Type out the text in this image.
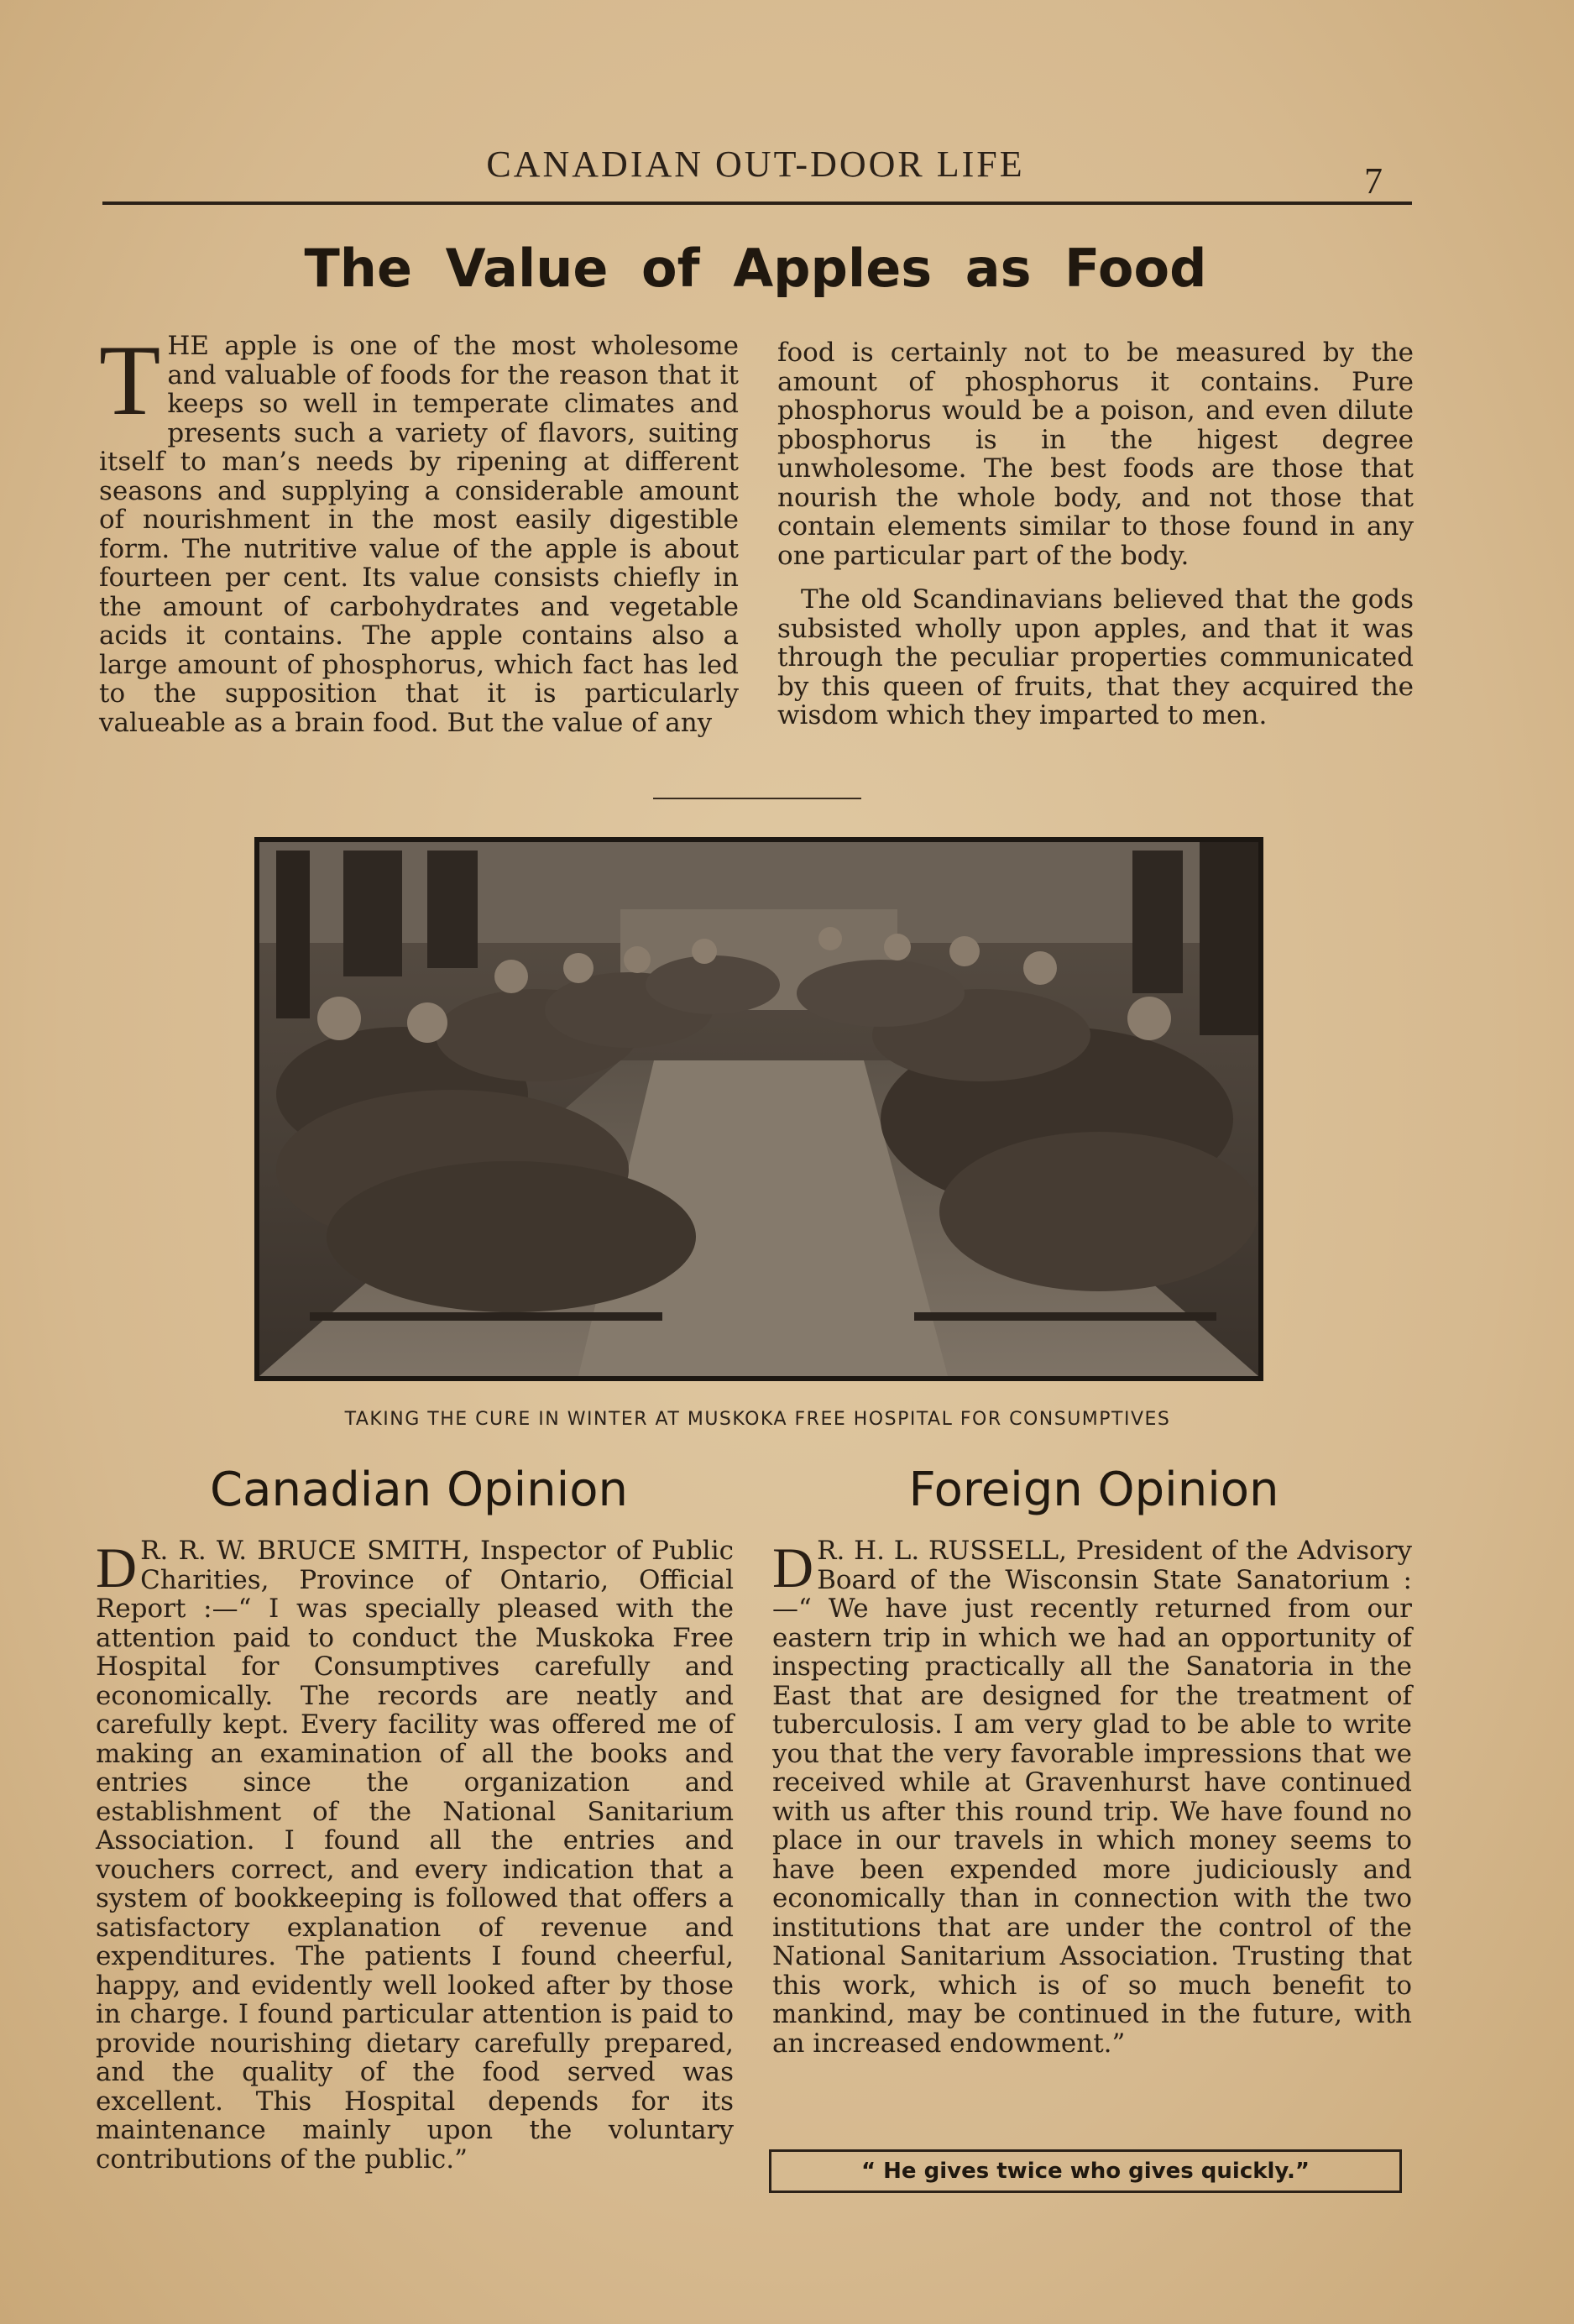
CANADIAN OUT-DOOR LIFE	7
The Value of Apples as Food

THE apple is one of the most wholesome and valuable of foods for the reason that it keeps so well in temperate climates and presents such a variety of flavors, suiting itself to man’s needs by ripening at different seasons and supplying a considerable amount of nourishment in the most easily digestible form. The nutritive value of the apple is about fourteen per cent. Its value consists chiefly in the amount of carbohydrates and vegetable acids it contains. The apple contains also a large amount of phosphorus, which fact has led to the supposition that it is particularly valueable as a brain food. But the value of any

food is certainly not to be measured by the amount of phosphorus it contains. Pure phosphorus would be a poison, and even dilute pbosphorus is in the higest degree unwholesome. The best foods are those that nourish the whole body, and not those that contain elements similar to those found in any one particular part of the body.

The old Scandinavians believed that the gods subsisted wholly upon apples, and that it was through the peculiar properties communicated by this queen of fruits, that they acquired the wisdom which they imparted to men.

TAKING THE CURE IN WINTER AT MUSKOKA FREE HOSPITAL FOR CONSUMPTIVES
Canadian Opinion	Foreign Opinion

D R. R. W. BRUCE SMITH, Inspector of Public Charities, Province of Ontario, Official Report :—“ I was specially pleased with the attention paid to conduct the Muskoka Free Hospital for Consumptives carefully and economically. The records are neatly and carefully kept. Every facility was offered me of making an examination of all the books and entries since the organization and establishment of the National Sanitarium Association. I found all the entries and vouchers correct, and every indication that a system of bookkeeping is followed that offers a satisfactory explanation of revenue and expenditures. The patients I found cheerful, happy, and evidently well looked after by those in charge. I found particular attention is paid to provide nourishing dietary carefully prepared, and the quality of the food served was excellent. This Hospital depends for its maintenance mainly upon the voluntary contributions of the public.”

D R. H. L. RUSSELL, President of the Advisory Board of the Wisconsin State Sanatorium :—“ We have just recently returned from our eastern trip in which we had an opportunity of inspecting practically all the Sanatoria in the East that are designed for the treatment of tuberculosis. I am very glad to be able to write you that the very favorable impressions that we received while at Gravenhurst have continued with us after this round trip. We have found no place in our travels in which money seems to have been expended more judiciously and economically than in connection with the two institutions that are under the control of the National Sanitarium Association. Trusting that this work, which is of so much benefit to mankind, may be continued in the future, with an increased endowment.”

“ He gives twice who gives quickly.”
